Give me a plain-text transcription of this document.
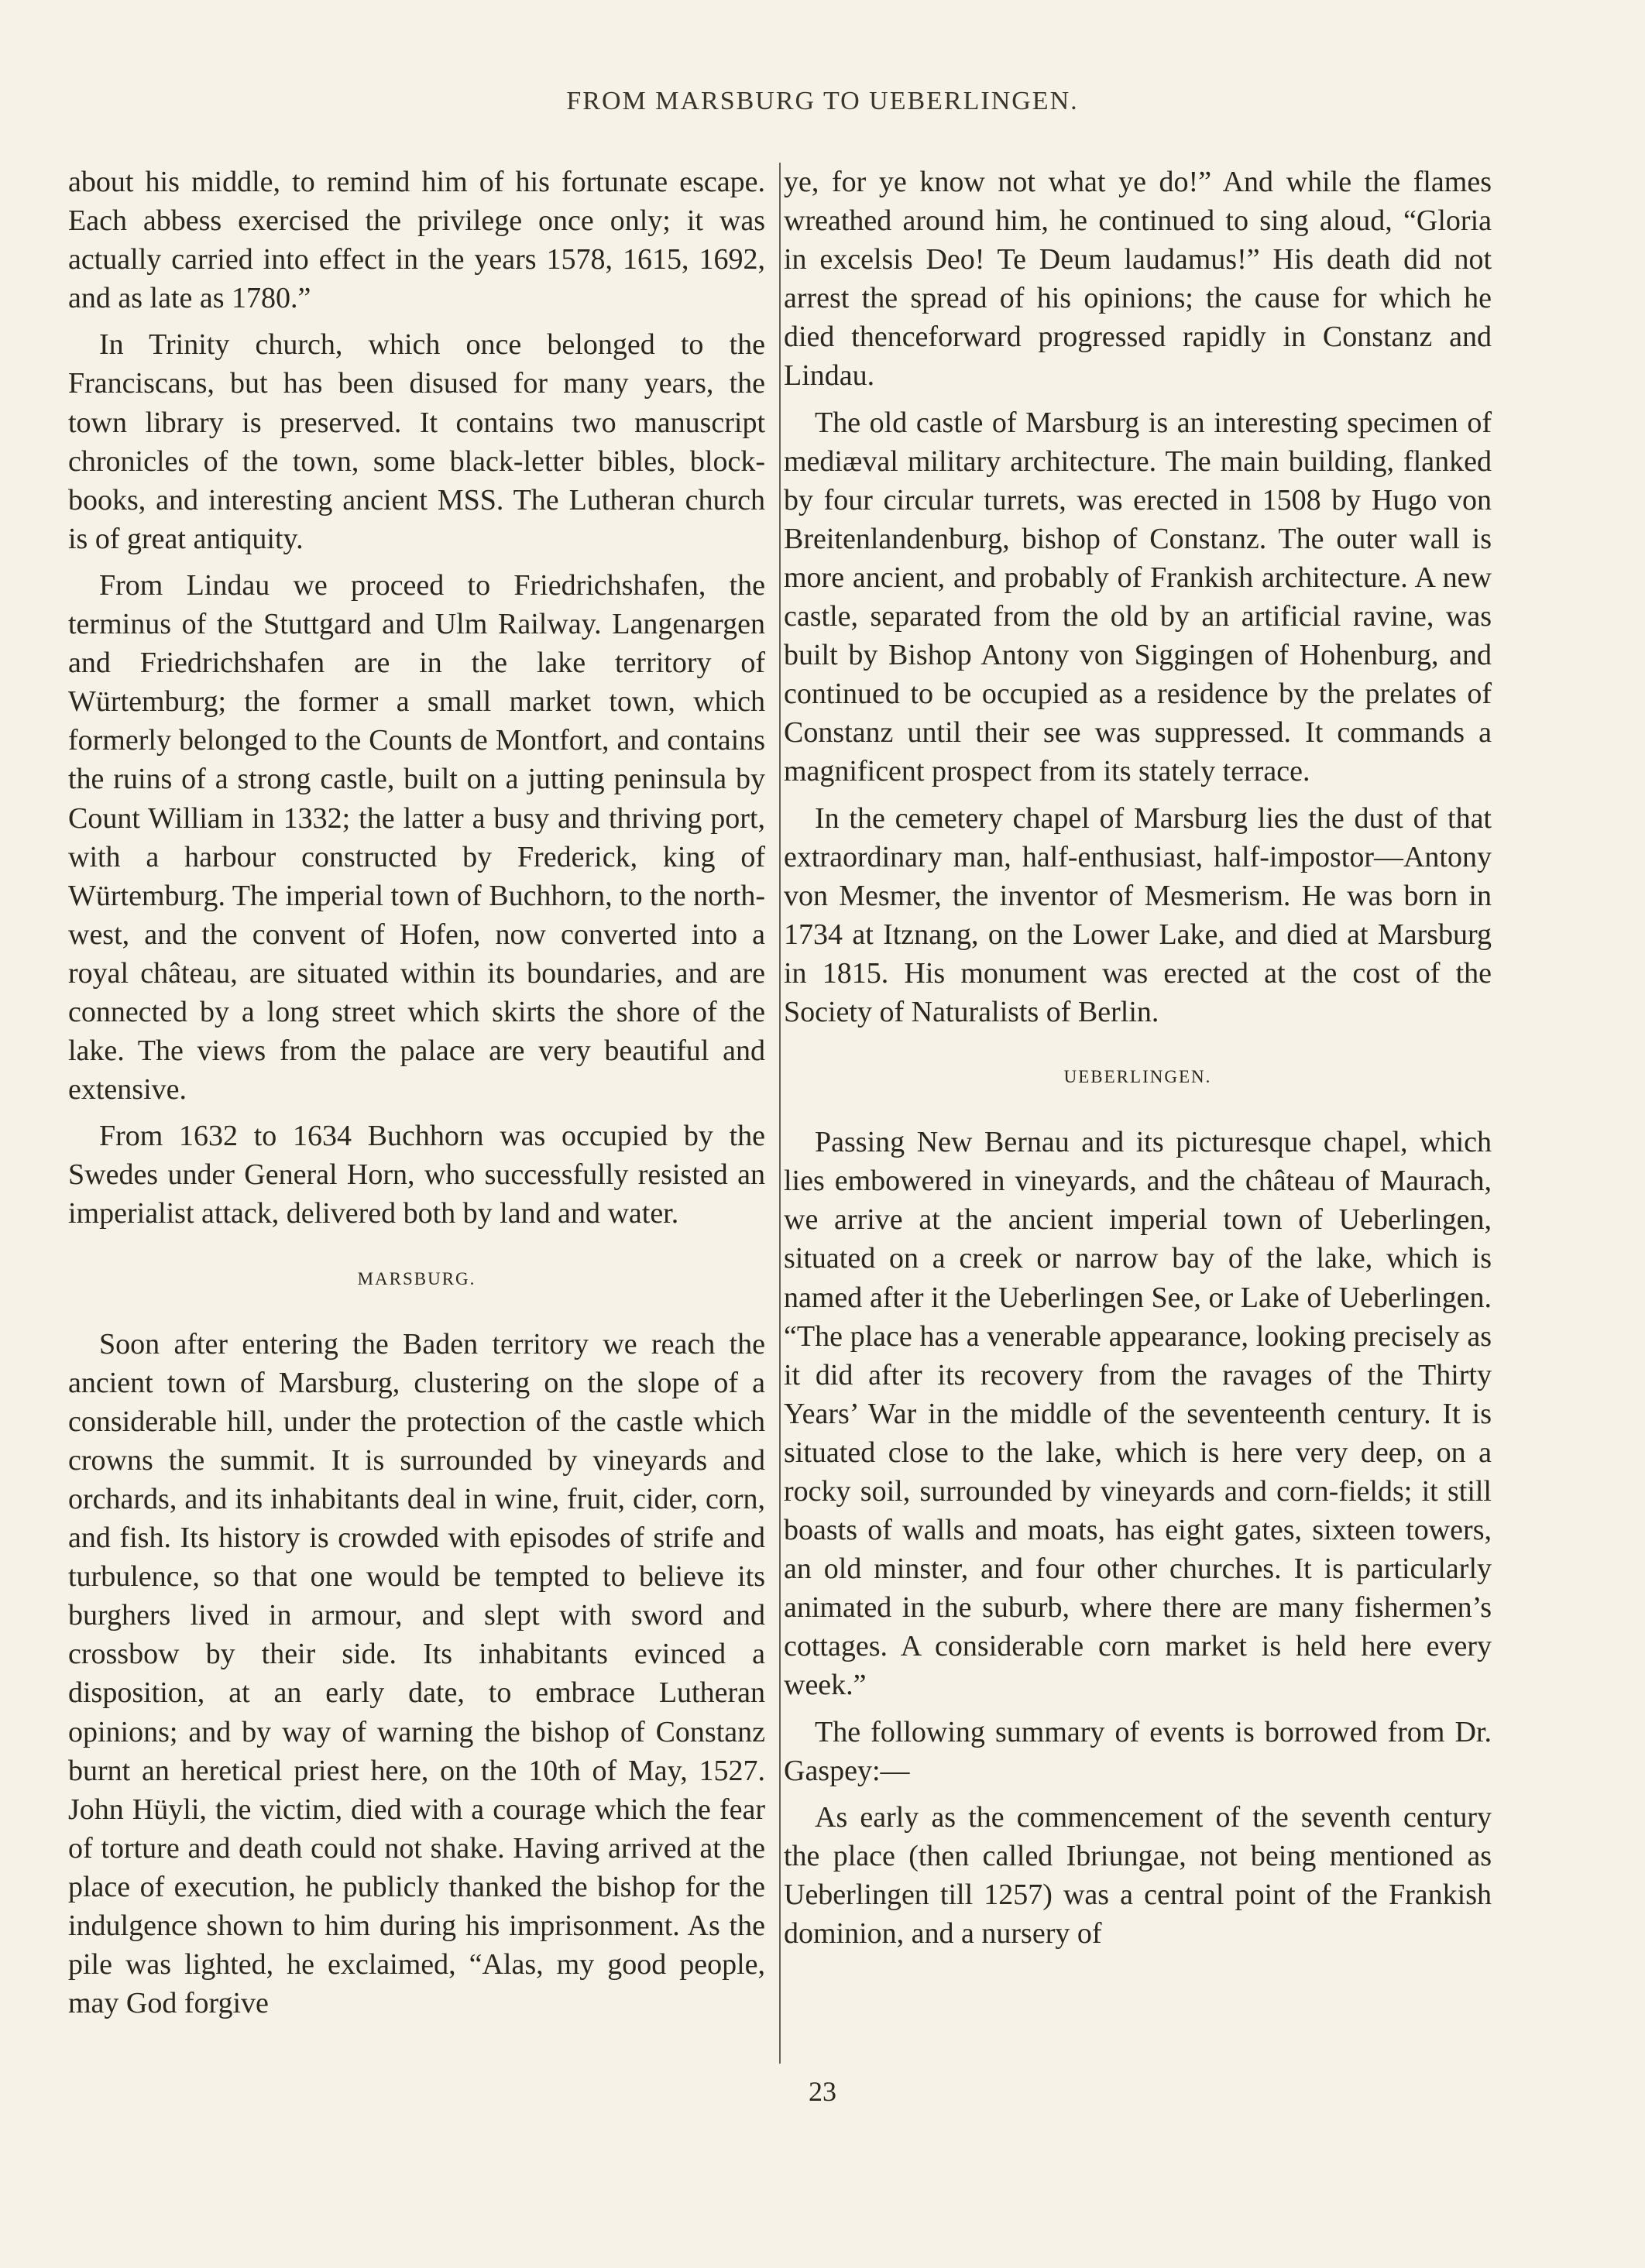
FROM MARSBURG TO UEBERLINGEN.

about his middle, to remind him of his fortunate escape. Each abbess exercised the privilege once only; it was actually carried into effect in the years 1578, 1615, 1692, and as late as 1780.”

In Trinity church, which once belonged to the Franciscans, but has been disused for many years, the town library is preserved. It contains two manuscript chronicles of the town, some black-letter bibles, block-books, and interesting ancient MSS. The Lutheran church is of great antiquity.

From Lindau we proceed to Friedrichshafen, the terminus of the Stuttgard and Ulm Railway. Langenargen and Friedrichshafen are in the lake territory of Würtemburg; the former a small market town, which formerly belonged to the Counts de Montfort, and contains the ruins of a strong castle, built on a jutting peninsula by Count William in 1332; the latter a busy and thriving port, with a harbour constructed by Frederick, king of Würtemburg. The imperial town of Buchhorn, to the north-west, and the convent of Hofen, now converted into a royal château, are situated within its boundaries, and are connected by a long street which skirts the shore of the lake. The views from the palace are very beautiful and extensive.

From 1632 to 1634 Buchhorn was occupied by the Swedes under General Horn, who successfully resisted an imperialist attack, delivered both by land and water.

MARSBURG.

Soon after entering the Baden territory we reach the ancient town of Marsburg, clustering on the slope of a considerable hill, under the protection of the castle which crowns the summit. It is surrounded by vineyards and orchards, and its inhabitants deal in wine, fruit, cider, corn, and fish. Its history is crowded with episodes of strife and turbulence, so that one would be tempted to believe its burghers lived in armour, and slept with sword and crossbow by their side. Its inhabitants evinced a disposition, at an early date, to embrace Lutheran opinions; and by way of warning the bishop of Constanz burnt an heretical priest here, on the 10th of May, 1527. John Hüyli, the victim, died with a courage which the fear of torture and death could not shake. Having arrived at the place of execution, he publicly thanked the bishop for the indulgence shown to him during his imprisonment. As the pile was lighted, he exclaimed, “Alas, my good people, may God forgive

ye, for ye know not what ye do!” And while the flames wreathed around him, he continued to sing aloud, “Gloria in excelsis Deo! Te Deum laudamus!” His death did not arrest the spread of his opinions; the cause for which he died thenceforward progressed rapidly in Constanz and Lindau.

The old castle of Marsburg is an interesting specimen of mediæval military architecture. The main building, flanked by four circular turrets, was erected in 1508 by Hugo von Breitenlandenburg, bishop of Constanz. The outer wall is more ancient, and probably of Frankish architecture. A new castle, separated from the old by an artificial ravine, was built by Bishop Antony von Siggingen of Hohenburg, and continued to be occupied as a residence by the prelates of Constanz until their see was suppressed. It commands a magnificent prospect from its stately terrace.

In the cemetery chapel of Marsburg lies the dust of that extraordinary man, half-enthusiast, half-impostor—Antony von Mesmer, the inventor of Mesmerism. He was born in 1734 at Itznang, on the Lower Lake, and died at Marsburg in 1815. His monument was erected at the cost of the Society of Naturalists of Berlin.

UEBERLINGEN.

Passing New Bernau and its picturesque chapel, which lies embowered in vineyards, and the château of Maurach, we arrive at the ancient imperial town of Ueberlingen, situated on a creek or narrow bay of the lake, which is named after it the Ueberlingen See, or Lake of Ueberlingen. “The place has a venerable appearance, looking precisely as it did after its recovery from the ravages of the Thirty Years’ War in the middle of the seventeenth century. It is situated close to the lake, which is here very deep, on a rocky soil, surrounded by vineyards and corn-fields; it still boasts of walls and moats, has eight gates, sixteen towers, an old minster, and four other churches. It is particularly animated in the suburb, where there are many fishermen’s cottages. A considerable corn market is held here every week.”

The following summary of events is borrowed from Dr. Gaspey:—

As early as the commencement of the seventh century the place (then called Ibriungae, not being mentioned as Ueberlingen till 1257) was a central point of the Frankish dominion, and a nursery of

23
